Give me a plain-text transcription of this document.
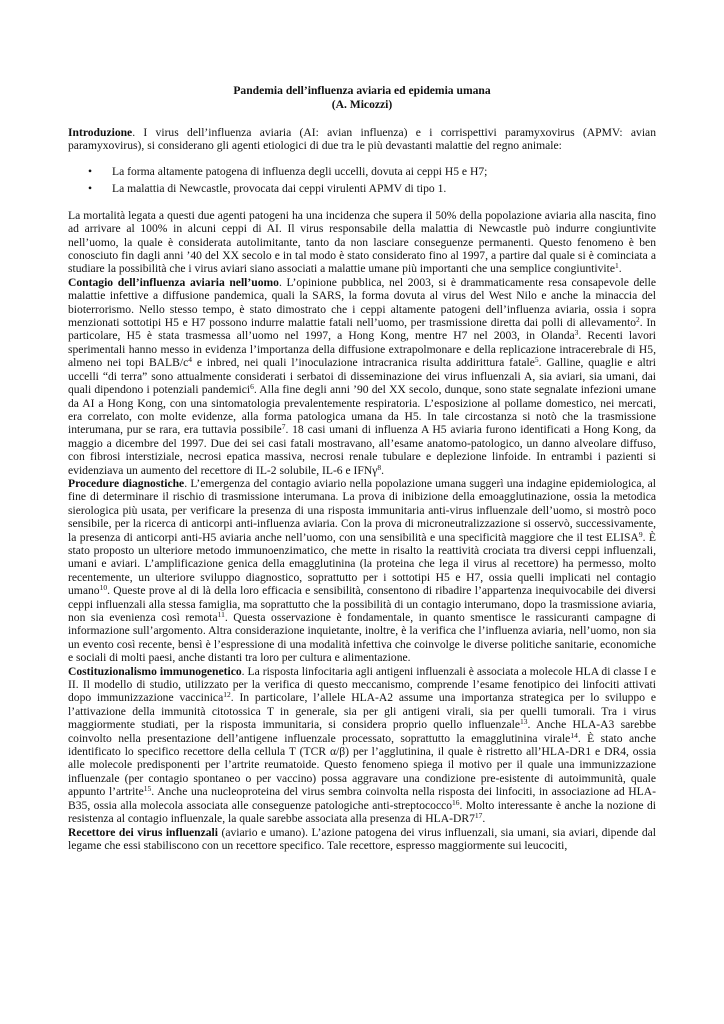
Pandemia dell’influenza aviaria ed epidemia umana
(A. Micozzi)

Introduzione. I virus dell’influenza aviaria (AI: avian influenza) e i corrispettivi paramyxovirus (APMV: avian paramyxovirus), si considerano gli agenti etiologici di due tra le più devastanti malattie del regno animale:

• La forma altamente patogena di influenza degli uccelli, dovuta ai ceppi H5 e H7;
• La malattia di Newcastle, provocata dai ceppi virulenti APMV di tipo 1.

La mortalità legata a questi due agenti patogeni ha una incidenza che supera il 50% della popolazione aviaria alla nascita, fino ad arrivare al 100% in alcuni ceppi di AI. Il virus responsabile della malattia di Newcastle può indurre congiuntivite nell’uomo, la quale è considerata autolimitante, tanto da non lasciare conseguenze permanenti. Questo fenomeno è ben conosciuto fin dagli anni ’40 del XX secolo e in tal modo è stato considerato fino al 1997, a partire dal quale si è cominciata a studiare la possibilità che i virus aviari siano associati a malattie umane più importanti che una semplice congiuntivite$^1$.

Contagio dell’influenza aviaria nell’uomo. L’opinione pubblica, nel 2003, si è drammaticamente resa consapevole delle malattie infettive a diffusione pandemica, quali la SARS, la forma dovuta al virus del West Nilo e anche la minaccia del bioterrorismo. Nello stesso tempo, è stato dimostrato che i ceppi altamente patogeni dell’influenza aviaria, ossia i sopra menzionati sottotipi H5 e H7 possono indurre malattie fatali nell’uomo, per trasmissione diretta dai polli di allevamento$^2$. In particolare, H5 è stata trasmessa all’uomo nel 1997, a Hong Kong, mentre H7 nel 2003, in Olanda$^3$. Recenti lavori sperimentali hanno messo in evidenza l’importanza della diffusione extrapolmonare e della replicazione intracerebrale di H5, almeno nei topi BALB/$c^4$ e inbred, nei quali l’inoculazione intracranica risulta addirittura fatale$^5$. Galline, quaglie e altri uccelli “di terra” sono attualmente considerati i serbatoi di disseminazione dei virus influenzali A, sia aviari, sia umani, dai quali dipendono i potenziali pandemici$^6$. Alla fine degli anni ’90 del XX secolo, dunque, sono state segnalate infezioni umane da AI a Hong Kong, con una sintomatologia prevalentemente respiratoria. L’esposizione al pollame domestico, nei mercati, era correlato, con molte evidenze, alla forma patologica umana da H5. In tale circostanza si notò che la trasmissione interumana, pur se rara, era tuttavia possibile$^7$. 18 casi umani di influenza A H5 aviaria furono identificati a Hong Kong, da maggio a dicembre del 1997. Due dei sei casi fatali mostravano, all’esame anatomo-patologico, un danno alveolare diffuso, con fibrosi interstiziale, necrosi epatica massiva, necrosi renale tubulare e deplezione linfoide. In entrambi i pazienti si evidenziava un aumento del recettore di IL-2 solubile, IL-6 e IFNγ$^8$.

Procedure diagnostiche. L’emergenza del contagio aviario nella popolazione umana suggerì una indagine epidemiologica, al fine di determinare il rischio di trasmissione interumana. La prova di inibizione della emoagglutinazione, ossia la metodica sierologica più usata, per verificare la presenza di una risposta immunitaria anti-virus influenzale dell’uomo, si mostrò poco sensibile, per la ricerca di anticorpi anti-influenza aviaria. Con la prova di microneutralizzazione si osservò, successivamente, la presenza di anticorpi anti-H5 aviaria anche nell’uomo, con una sensibilità e una specificità maggiore che il test ELISA$^9$. È stato proposto un ulteriore metodo immunoenzimatico, che mette in risalto la reattività crociata tra diversi ceppi influenzali, umani e aviari. L’amplificazione genica della emagglutinina (la proteina che lega il virus al recettore) ha permesso, molto recentemente, un ulteriore sviluppo diagnostico, soprattutto per i sottotipi H5 e H7, ossia quelli implicati nel contagio umano$^{10}$. Queste prove al di là della loro efficacia e sensibilità, consentono di ribadire l’appartenza inequivocabile dei diversi ceppi influenzali alla stessa famiglia, ma soprattutto che la possibilità di un contagio interumano, dopo la trasmissione aviaria, non sia evenienza così remota$^{11}$. Questa osservazione è fondamentale, in quanto smentisce le rassicuranti campagne di informazione sull’argomento. Altra considerazione inquietante, inoltre, è la verifica che l’influenza aviaria, nell’uomo, non sia un evento così recente, bensì è l’espressione di una modalità infettiva che coinvolge le diverse politiche sanitarie, economiche e sociali di molti paesi, anche distanti tra loro per cultura e alimentazione.

Costituzionalismo immunogenetico. La risposta linfocitaria agli antigeni influenzali è associata a molecole HLA di classe I e II. Il modello di studio, utilizzato per la verifica di questo meccanismo, comprende l’esame fenotipico dei linfociti attivati dopo immunizzazione vaccinica$^{12}$. In particolare, l’allele HLA-A2 assume una importanza strategica per lo sviluppo e l’attivazione della immunità citotossica T in generale, sia per gli antigeni virali, sia per quelli tumorali. Tra i virus maggiormente studiati, per la risposta immunitaria, si considera proprio quello influenzale$^{13}$. Anche HLA-A3 sarebbe coinvolto nella presentazione dell’antigene influenzale processato, soprattutto la emagglutinina virale$^{14}$. È stato anche identificato lo specifico recettore della cellula T (TCR α/β) per l’agglutinina, il quale è ristretto all’HLA-DR1 e DR4, ossia alle molecole predisponenti per l’artrite reumatoide. Questo fenomeno spiega il motivo per il quale una immunizzazione influenzale (per contagio spontaneo o per vaccino) possa aggravare una condizione pre-esistente di autoimmunità, quale appunto l’artrite$^{15}$. Anche una nucleoproteina del virus sembra coinvolta nella risposta dei linfociti, in associazione ad HLA-B35, ossia alla molecola associata alle conseguenze patologiche anti-streptococco$^{16}$. Molto interessante è anche la nozione di resistenza al contagio influenzale, la quale sarebbe associata alla presenza di HLA-$DR7^{17}$.

Recettore dei virus influenzali (aviario e umano). L’azione patogena dei virus influenzali, sia umani, sia aviari, dipende dal legame che essi stabiliscono con un recettore specifico. Tale recettore, espresso maggiormente sui leucociti,
